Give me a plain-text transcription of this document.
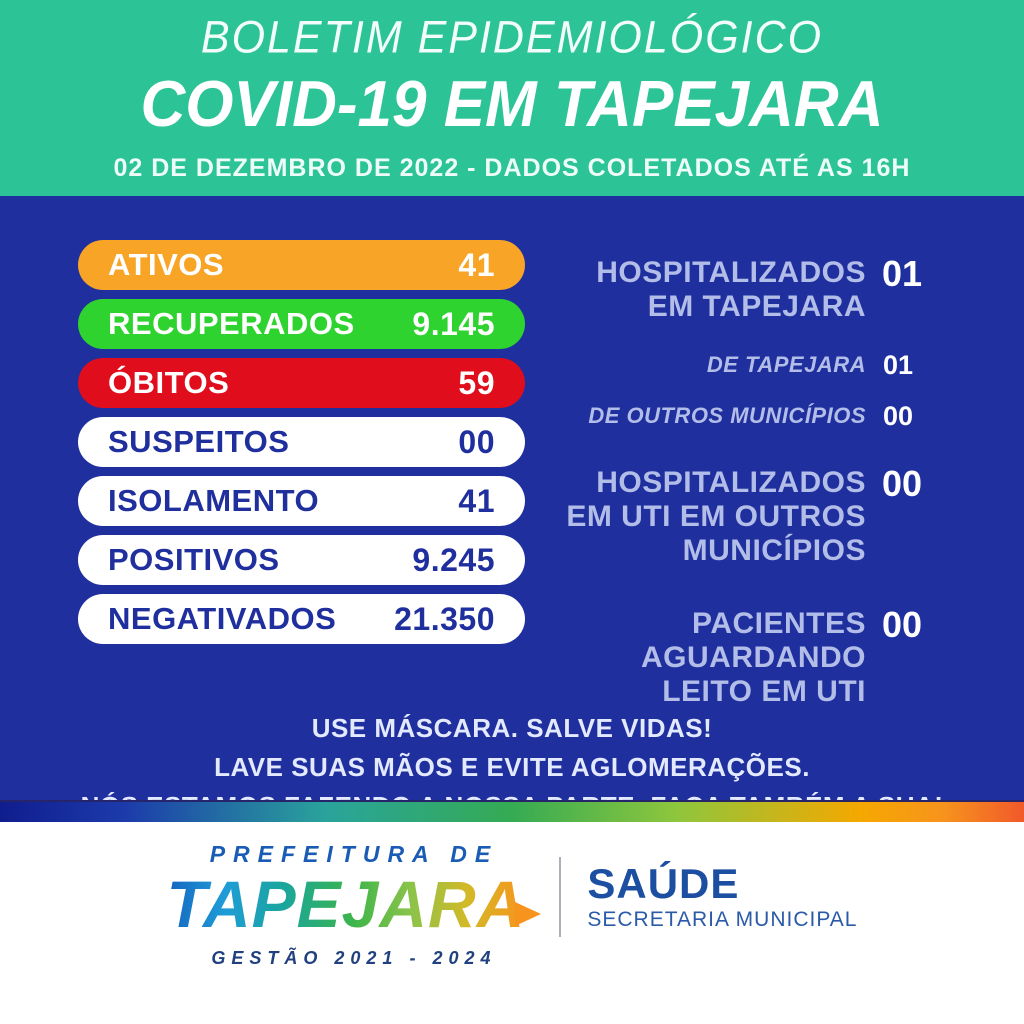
BOLETIM EPIDEMIOLÓGICO
COVID-19 EM TAPEJARA
02 DE DEZEMBRO DE 2022 - DADOS COLETADOS ATÉ AS 16H
ATIVOS	41
RECUPERADOS 9.145
ÓBITOS	59
SUSPEITOS	00
ISOLAMENTO	41
POSITIVOS	9.245
NEGATIVADOS 21.350
HOSPITALIZADOS
EM TAPEJARA
01
DE TAPEJARA 01
DE OUTROS MUNICÍPIOS 00
HOSPITALIZADOS
EM UTI EM OUTROS
MUNICÍPIOS
00
PACIENTES
AGUARDANDO
LEITO EM UTI
00
USE MÁSCARA. SALVE VIDAS!
LAVE SUAS MÃOS E EVITE AGLOMERAÇÕES.
PREFEITURA DE
TAPEJARA
GESTÃO 2021 - 2024
SAÚDE
SECRETARIA MUNICIPAL
